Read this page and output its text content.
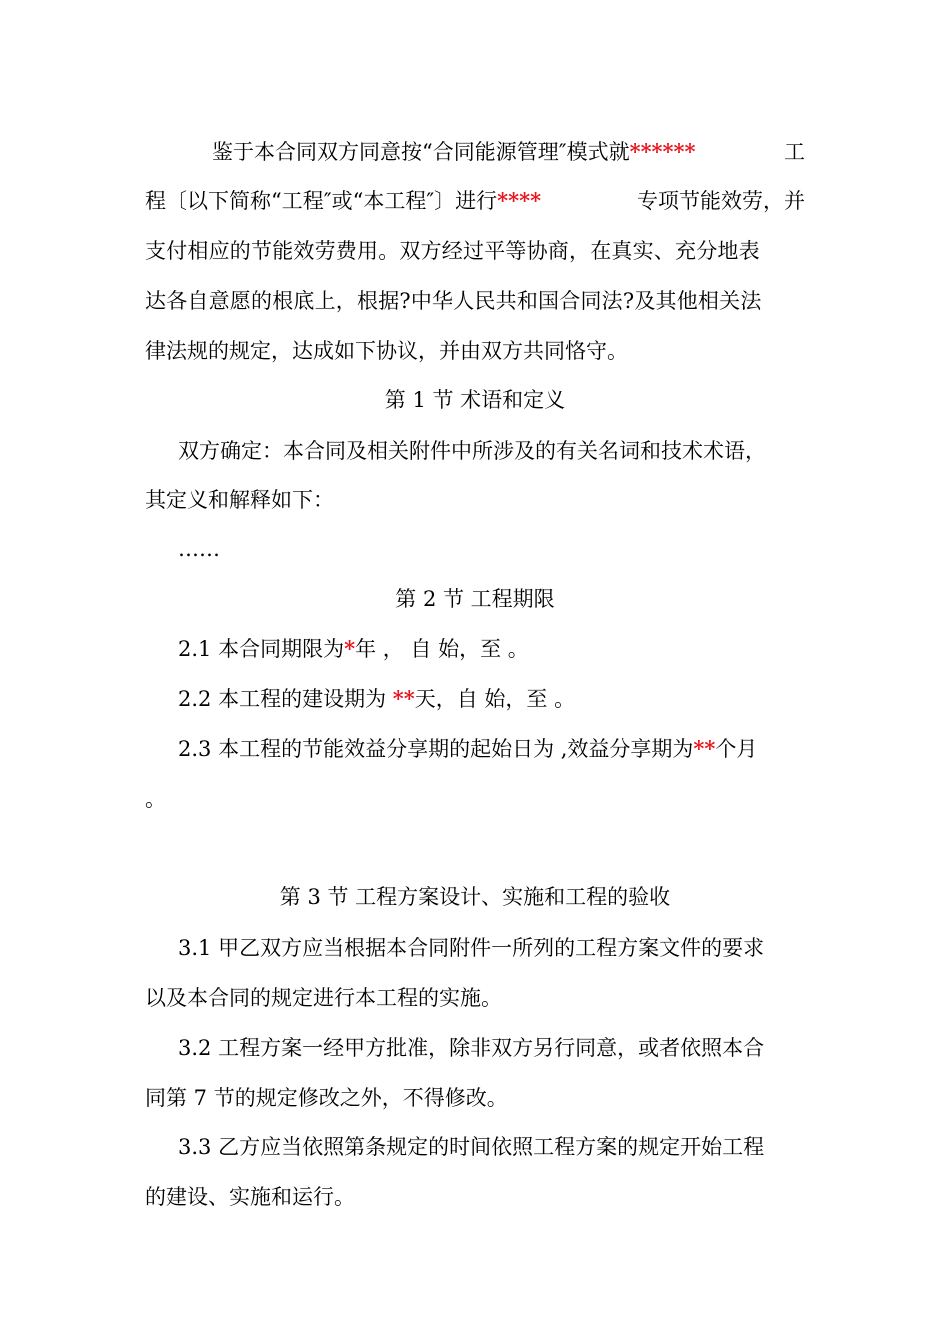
鉴于本合同双方同意按“合同能源管理″模式就******	工
程〔以下简称“工程″或“本工程″〕进行****	专项节能效劳，并
支付相应的节能效劳费用。双方经过平等协商，在真实、充分地表
达各自意愿的根底上，根据?中华人民共和国合同法?及其他相关法
律法规的规定，达成如下协议，并由双方共同恪守。
第 1 节 术语和定义
双方确定：本合同及相关附件中所涉及的有关名词和技术术语，
其定义和解释如下：
……
第 2 节 工程期限
2.1 本合同期限为*年 ， 自 始，至 。
2.2 本工程的建设期为 **天，自 始，至 。
2.3 本工程的节能效益分享期的起始日为 ,效益分享期为**个月
。
第 3 节 工程方案设计、实施和工程的验收
3.1 甲乙双方应当根据本合同附件一所列的工程方案文件的要求
以及本合同的规定进行本工程的实施。
3.2 工程方案一经甲方批准，除非双方另行同意，或者依照本合
同第 7 节的规定修改之外，不得修改。
3.3 乙方应当依照第条规定的时间依照工程方案的规定开始工程
的建设、实施和运行。
